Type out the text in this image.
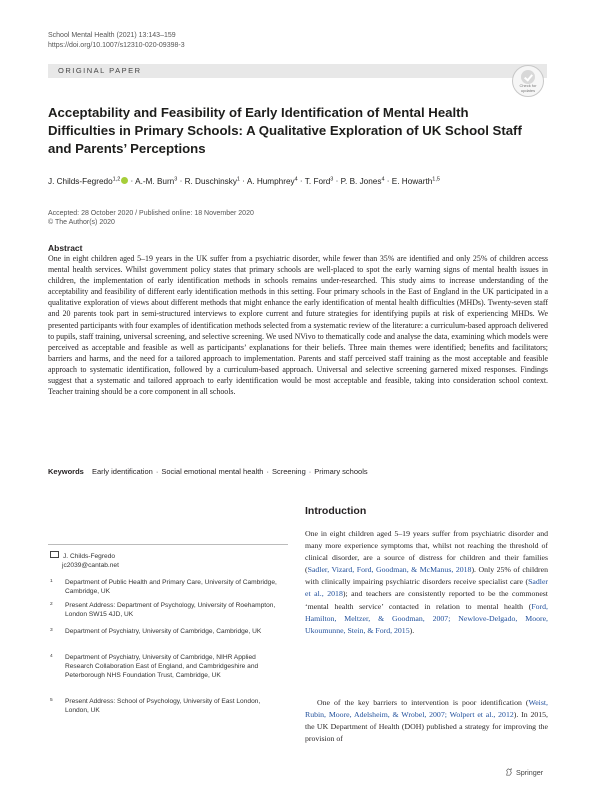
School Mental Health (2021) 13:143–159
https://doi.org/10.1007/s12310-020-09398-3
ORIGINAL PAPER
Check for updates
Acceptability and Feasibility of Early Identification of Mental Health Difficulties in Primary Schools: A Qualitative Exploration of UK School Staff and Parents’ Perceptions
J. Childs-Fegredo$^{1,2}$ · A.-M. Burn$^3$ · R. Duschinsky$^1$ · A. Humphrey$^4$ · T. Ford$^3$ · P. B. Jones$^4$ · E. Howarth$^{1,5}$
Accepted: 28 October 2020 / Published online: 18 November 2020
© The Author(s) 2020
Abstract
One in eight children aged 5–19 years in the UK suffer from a psychiatric disorder, while fewer than 35% are identified and only 25% of children access mental health services. Whilst government policy states that primary schools are well-placed to spot the early warning signs of mental health issues in children, the implementation of early identification methods in schools remains under-researched. This study aims to increase understanding of the acceptability and feasibility of different early identification methods in this setting. Four primary schools in the East of England in the UK participated in a qualitative exploration of views about different methods that might enhance the early identification of mental health difficulties (MHDs). Twenty-seven staff and 20 parents took part in semi-structured interviews to explore current and future strategies for identifying pupils at risk of experiencing MHDs. We presented participants with four examples of identification methods selected from a systematic review of the literature: a curriculum-based approach delivered to pupils, staff training, universal screening, and selective screening. We used NVivo to thematically code and analyse the data, examining which models were perceived as acceptable and feasible as well as participants’ explanations for their beliefs. Three main themes were identified; benefits and facilitators; barriers and harms, and the need for a tailored approach to implementation. Parents and staff perceived staff training as the most acceptable and feasible approach to systematic identification, followed by a curriculum-based approach. Universal and selective screening garnered mixed responses. Findings suggest that a systematic and tailored approach to early identification would be most acceptable and feasible, taking into consideration school context. Teacher training should be a core component in all schools.
Keywords Early identification · Social emotional mental health · Screening · Primary schools
J. Childs-Fegredo
jc2039@cantab.net
1	Department of Public Health and Primary Care, University of Cambridge, Cambridge, UK
2	Present Address: Department of Psychology, University of Roehampton, London SW15 4JD, UK
3	Department of Psychiatry, University of Cambridge, Cambridge, UK
4	Department of Psychiatry, University of Cambridge, NIHR Applied Research Collaboration East of England, and Cambridgeshire and Peterborough NHS Foundation Trust, Cambridge, UK
5	Present Address: School of Psychology, University of East London, London, UK
Introduction
One in eight children aged 5–19 years suffer from psychiatric disorder and many more experience symptoms that, whilst not reaching the threshold of clinical disorder, are a source of distress for children and their families (Sadler, Vizard, Ford, Goodman, & McManus, 2018). Only 25% of children with clinically impairing psychiatric disorders receive specialist care (Sadler et al., 2018); and teachers are consistently reported to be the commonest ‘mental health service’ contacted in relation to mental health (Ford, Hamilton, Meltzer, & Goodman, 2007; Newlove-Delgado, Moore, Ukoumunne, Stein, & Ford, 2015).
One of the key barriers to intervention is poor identification (Weist, Rubin, Moore, Adelsheim, & Wrobel, 2007; Wolpert et al., 2012). In 2015, the UK Department of Health (DOH) published a strategy for improving the provision of
Springer
